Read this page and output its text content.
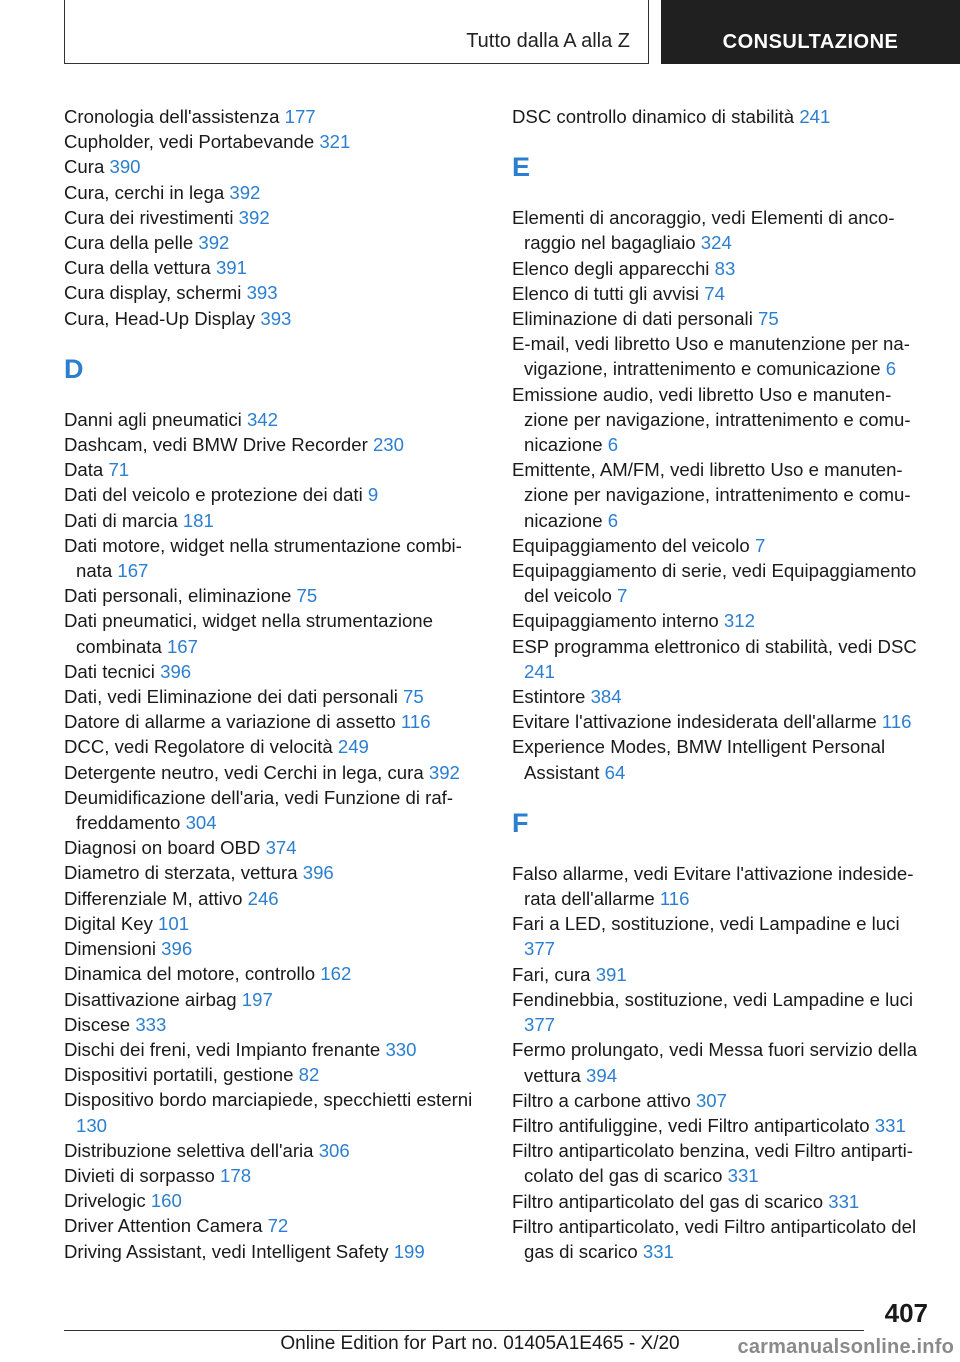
Tutto dalla A alla Z	CONSULTAZIONE
Cronologia dell'assistenza 177
Cupholder, vedi Portabevande 321
Cura 390
Cura, cerchi in lega 392
Cura dei rivestimenti 392
Cura della pelle 392
Cura della vettura 391
Cura display, schermi 393
Cura, Head-Up Display 393
D
Danni agli pneumatici 342
Dashcam, vedi BMW Drive Recorder 230
Data 71
Dati del veicolo e protezione dei dati 9
Dati di marcia 181
Dati motore, widget nella strumentazione combi-nata 167
Dati personali, eliminazione 75
Dati pneumatici, widget nella strumentazione combinata 167
Dati tecnici 396
Dati, vedi Eliminazione dei dati personali 75
Datore di allarme a variazione di assetto 116
DCC, vedi Regolatore di velocità 249
Detergente neutro, vedi Cerchi in lega, cura 392
Deumidificazione dell'aria, vedi Funzione di raf-freddamento 304
Diagnosi on board OBD 374
Diametro di sterzata, vettura 396
Differenziale M, attivo 246
Digital Key 101
Dimensioni 396
Dinamica del motore, controllo 162
Disattivazione airbag 197
Discese 333
Dischi dei freni, vedi Impianto frenante 330
Dispositivi portatili, gestione 82
Dispositivo bordo marciapiede, specchietti esterni 130
Distribuzione selettiva dell'aria 306
Divieti di sorpasso 178
Drivelogic 160
Driver Attention Camera 72
Driving Assistant, vedi Intelligent Safety 199
DSC controllo dinamico di stabilità 241
E
Elementi di ancoraggio, vedi Elementi di anco-raggio nel bagagliaio 324
Elenco degli apparecchi 83
Elenco di tutti gli avvisi 74
Eliminazione di dati personali 75
E-mail, vedi libretto Uso e manutenzione per na-vigazione, intrattenimento e comunicazione 6
Emissione audio, vedi libretto Uso e manuten-zione per navigazione, intrattenimento e comu-nicazione 6
Emittente, AM/FM, vedi libretto Uso e manuten-zione per navigazione, intrattenimento e comu-nicazione 6
Equipaggiamento del veicolo 7
Equipaggiamento di serie, vedi Equipaggiamento del veicolo 7
Equipaggiamento interno 312
ESP programma elettronico di stabilità, vedi DSC 241
Estintore 384
Evitare l'attivazione indesiderata dell'allarme 116
Experience Modes, BMW Intelligent Personal Assistant 64
F
Falso allarme, vedi Evitare l'attivazione indeside-rata dell'allarme 116
Fari a LED, sostituzione, vedi Lampadine e luci 377
Fari, cura 391
Fendinebbia, sostituzione, vedi Lampadine e luci 377
Fermo prolungato, vedi Messa fuori servizio della vettura 394
Filtro a carbone attivo 307
Filtro antifuliggine, vedi Filtro antiparticolato 331
Filtro antiparticolato benzina, vedi Filtro antiparti-colato del gas di scarico 331
Filtro antiparticolato del gas di scarico 331
Filtro antiparticolato, vedi Filtro antiparticolato del gas di scarico 331
407
Online Edition for Part no. 01405A1E465 - X/20	carmanualsonline.info
